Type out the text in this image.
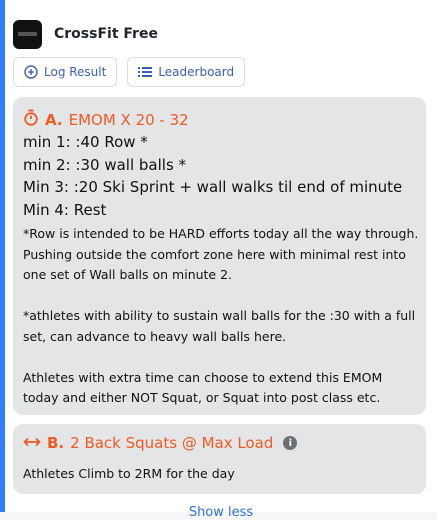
CrossFit Free
Log Result	Leaderboard
A. EMOM X 20 - 32
min 1: :40 Row *
min 2: :30 wall balls *
Min 3: :20 Ski Sprint + wall walks til end of minute
Min 4: Rest

*Row is intended to be HARD efforts today all the way through. Pushing outside the comfort zone here with minimal rest into one set of Wall balls on minute 2.

*athletes with ability to sustain wall balls for the :30 with a full set, can advance to heavy wall balls here.

Athletes with extra time can choose to extend this EMOM today and either NOT Squat, or Squat into post class etc.

B. 2 Back Squats @ Max Load	i
Athletes Climb to 2RM for the day
Show less
